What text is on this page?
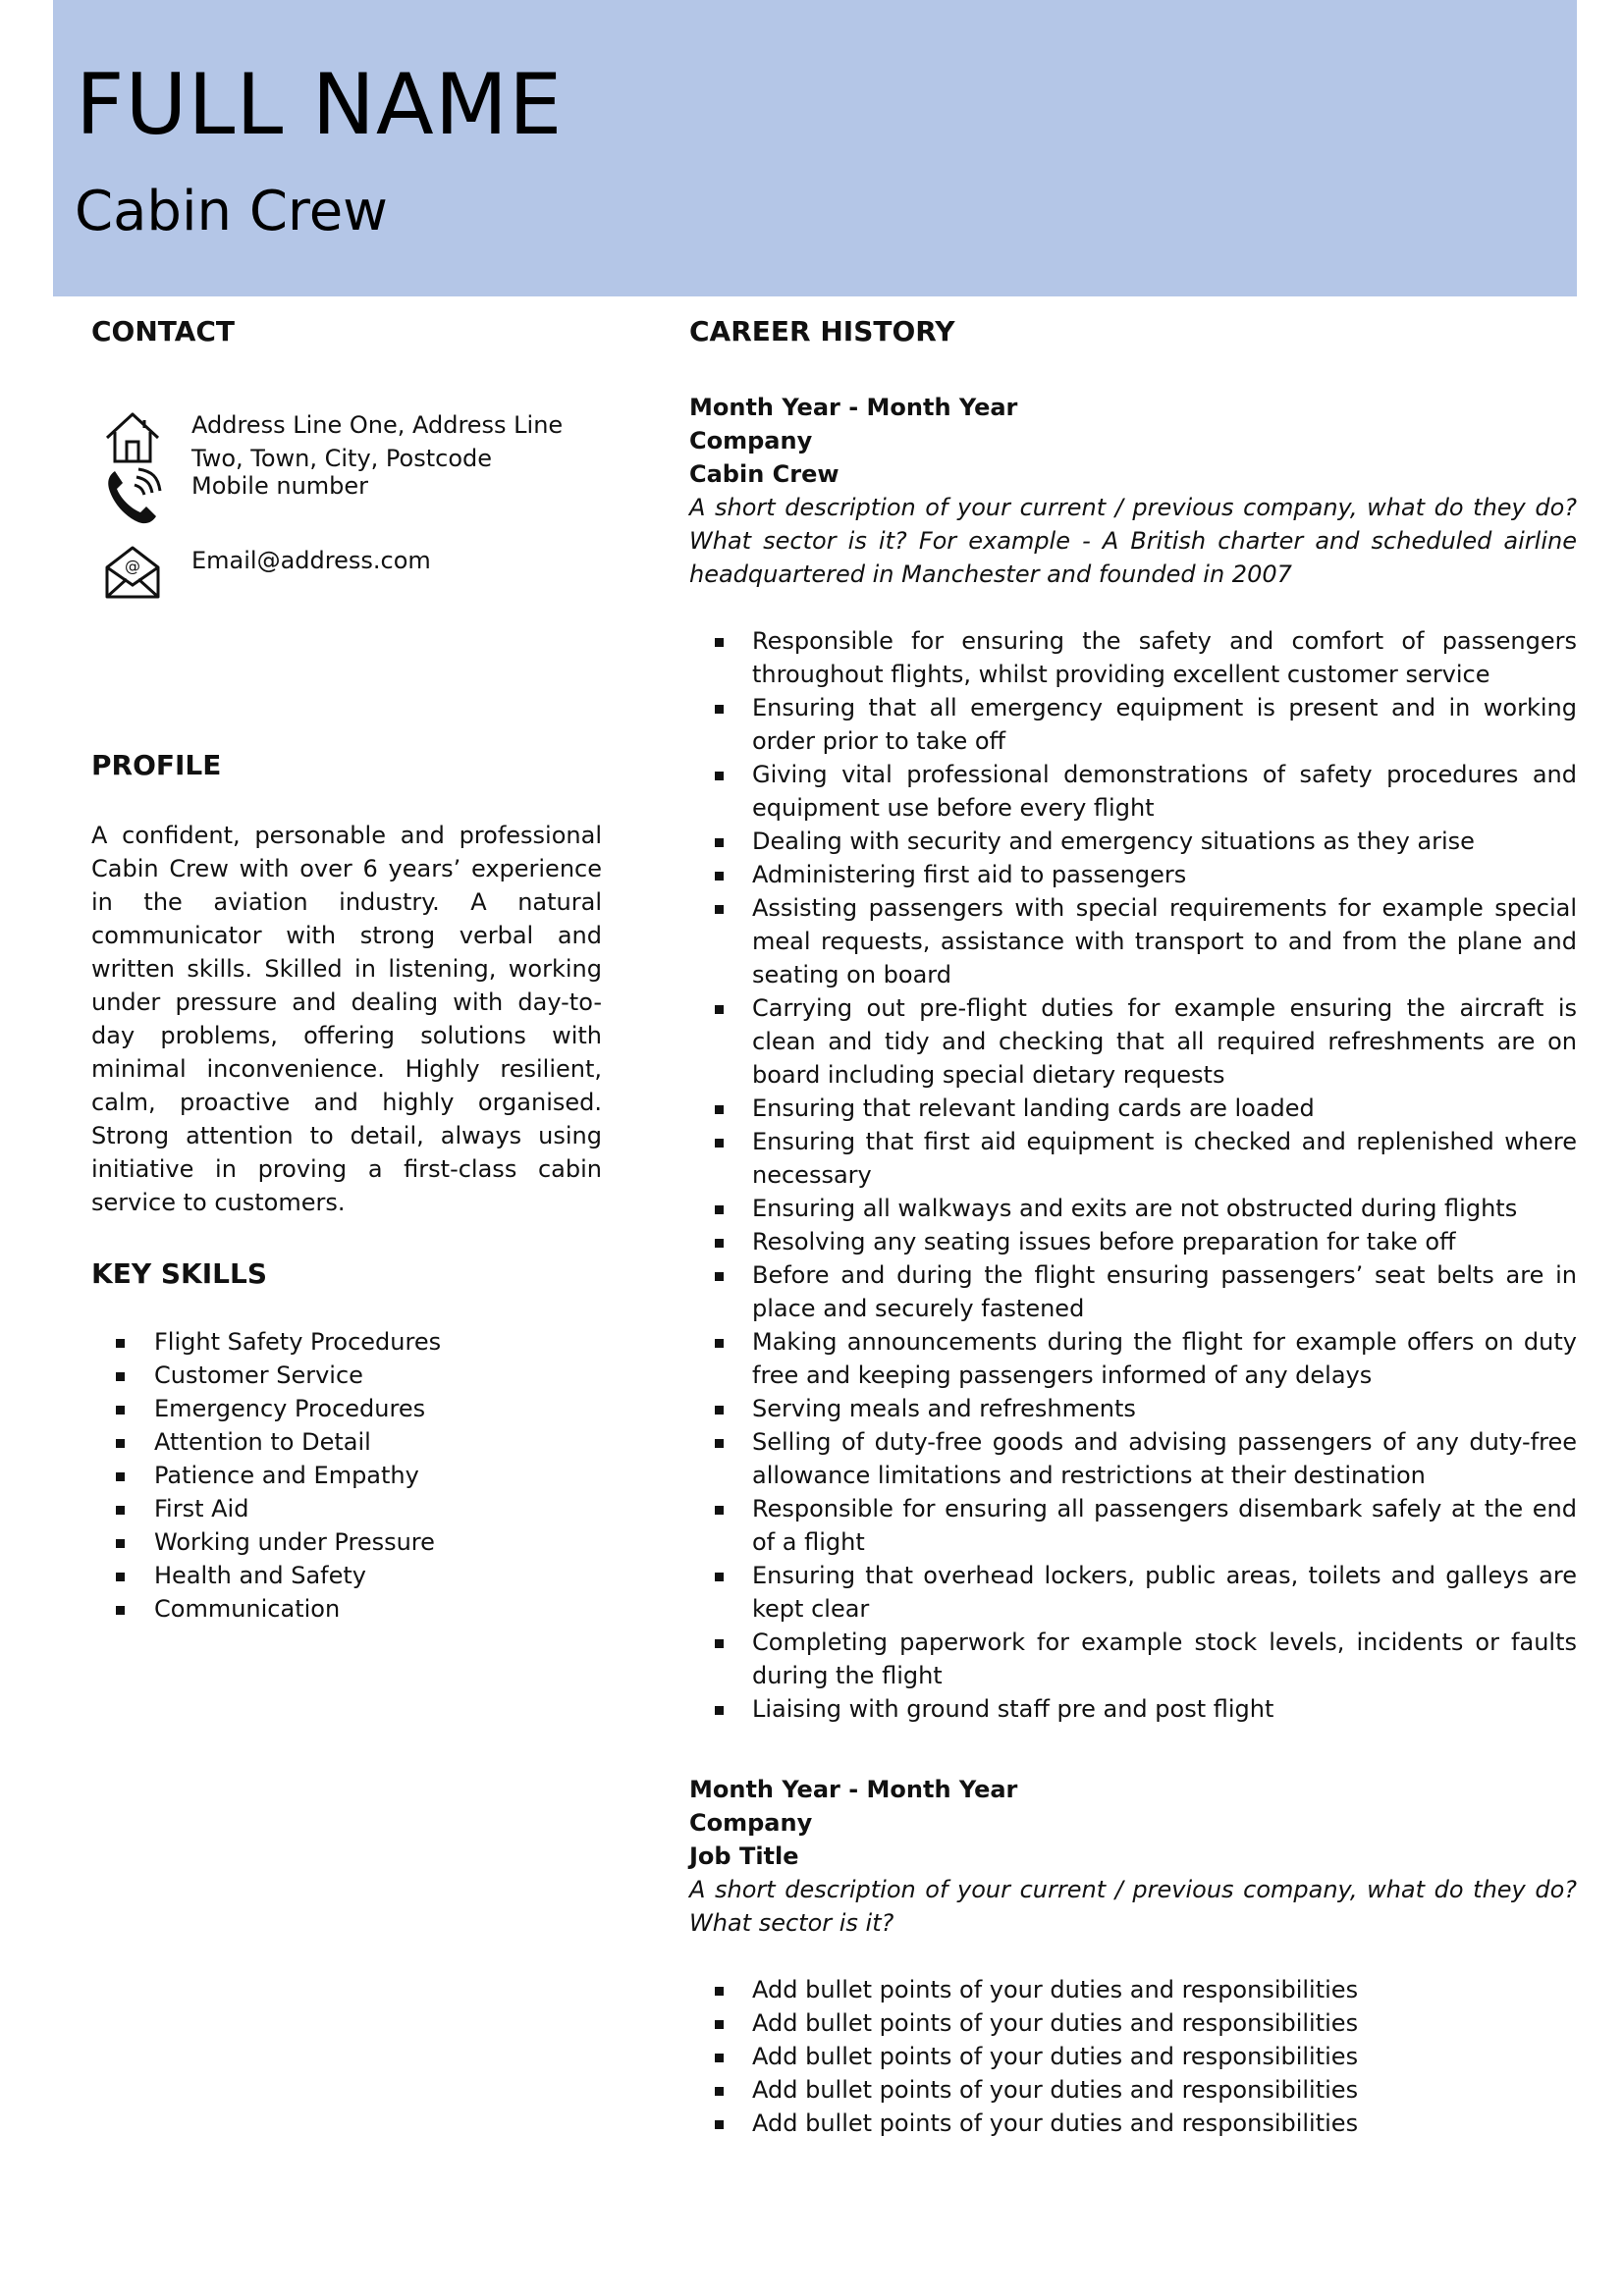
FULL NAME
Cabin Crew
CONTACT
Address Line One, Address Line
Two, Town, City, Postcode
Mobile number
@ Email@address.com
PROFILE

A confident, personable and professional Cabin Crew with over 6 years’ experience in the aviation industry. A natural communicator with strong verbal and written skills. Skilled in listening, working under pressure and dealing with day-to-day problems, offering solutions with minimal inconvenience. Highly resilient, calm, proactive and highly organised. Strong attention to detail, always using initiative in proving a first-class cabin service to customers.

KEY SKILLS
Flight Safety Procedures
Customer Service
Emergency Procedures
Attention to Detail
Patience and Empathy
First Aid
Working under Pressure
Health and Safety
Communication
CAREER HISTORY
Month Year - Month Year
Company
Cabin Crew

A short description of your current / previous company, what do they do? What sector is it? For example - A British charter and scheduled airline headquartered in Manchester and founded in 2007

Responsible for ensuring the safety and comfort of passengers throughout flights, whilst providing excellent customer service
Ensuring that all emergency equipment is present and in working order prior to take off
Giving vital professional demonstrations of safety procedures and equipment use before every flight
Dealing with security and emergency situations as they arise
Administering first aid to passengers
Assisting passengers with special requirements for example special meal requests, assistance with transport to and from the plane and seating on board
Carrying out pre-flight duties for example ensuring the aircraft is clean and tidy and checking that all required refreshments are on board including special dietary requests
Ensuring that relevant landing cards are loaded
Ensuring that first aid equipment is checked and replenished where necessary
Ensuring all walkways and exits are not obstructed during flights
Resolving any seating issues before preparation for take off
Before and during the flight ensuring passengers’ seat belts are in place and securely fastened
Making announcements during the flight for example offers on duty free and keeping passengers informed of any delays
Serving meals and refreshments
Selling of duty-free goods and advising passengers of any duty-free allowance limitations and restrictions at their destination
Responsible for ensuring all passengers disembark safely at the end of a flight
Ensuring that overhead lockers, public areas, toilets and galleys are kept clear
Completing paperwork for example stock levels, incidents or faults during the flight
Liaising with ground staff pre and post flight
Month Year - Month Year
Company
Job Title

A short description of your current / previous company, what do they do? What sector is it?

Add bullet points of your duties and responsibilities
Add bullet points of your duties and responsibilities
Add bullet points of your duties and responsibilities
Add bullet points of your duties and responsibilities
Add bullet points of your duties and responsibilities
